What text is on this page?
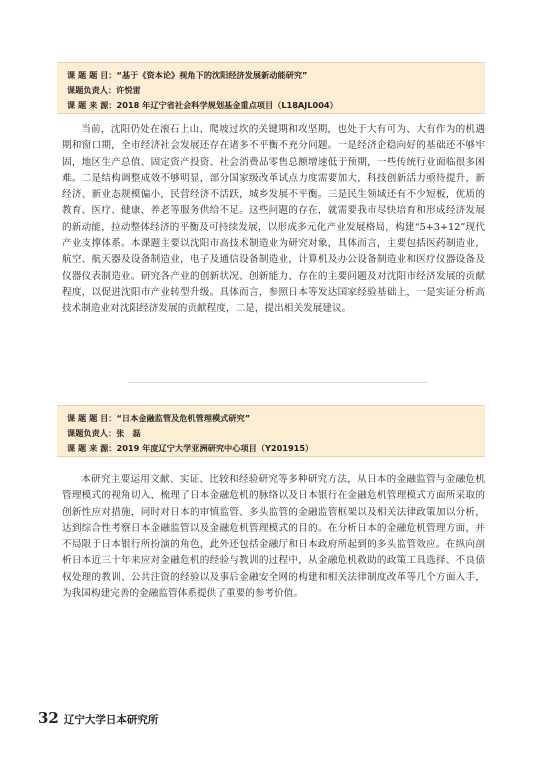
课 题 题 目：“基于《资本论》视角下的沈阳经济发展新动能研究”
课题负责人：许悦雷
课 题 来 源：2018 年辽宁省社会科学规划基金重点项目（L18AJL004）

当前，沈阳仍处在滚石上山、爬坡过坎的关键期和攻坚期，也处于大有可为、大有作为的机遇期和窗口期，全市经济社会发展还存在诸多不平衡不充分问题。一是经济企稳向好的基础还不够牢固，地区生产总值、固定资产投资、社会消费品零售总额增速低于预期，一些传统行业面临很多困难。二是结构调整成效不够明显，部分国家级改革试点力度需要加大，科技创新活力亟待提升，新经济、新业态规模偏小，民营经济不活跃，城乡发展不平衡。三是民生领域还有不少短板，优质的教育、医疗、健康、养老等服务供给不足。这些问题的存在，就需要我市尽快培育和形成经济发展的新动能，拉动整体经济的平衡及可持续发展，以形成多元化产业发展格局，构建“5+3+12”现代产业支撑体系。本课题主要以沈阳市高技术制造业为研究对象，具体而言，主要包括医药制造业，航空、航天器及设备制造业，电子及通信设备制造业，计算机及办公设备制造业和医疗仪器设备及仪器仪表制造业。研究各产业的创新状况、创新能力、存在的主要问题及对沈阳市经济发展的贡献程度，以促进沈阳市产业转型升级。具体而言，参照日本等发达国家经验基础上，一是实证分析高技术制造业对沈阳经济发展的贡献程度，二是，提出相关发展建议。

课 题 题 目：“日本金融监管及危机管理模式研究”
课题负责人：张　磊
课 题 来 源：2019 年度辽宁大学亚洲研究中心项目（Y201915）

本研究主要运用文献、实证、比较和经验研究等多种研究方法，从日本的金融监管与金融危机管理模式的视角切入，梳理了日本金融危机的脉络以及日本银行在金融危机管理模式方面所采取的创新性应对措施，同时对日本的审慎监管、多头监管的金融监管框架以及相关法律政策加以分析，达到综合性考察日本金融监管以及金融危机管理模式的目的。在分析日本的金融危机管理方面，并不局限于日本银行所扮演的角色，此外还包括金融厅和日本政府所起到的多头监管效应。在纵向剖析日本近三十年来应对金融危机的经验与教训的过程中，从金融危机救助的政策工具选择、不良债权处理的教训、公共注资的经验以及事后金融安全网的构建和相关法律制度改革等几个方面入手，为我国构建完善的金融监管体系提供了重要的参考价值。

32 辽宁大学日本研究所
